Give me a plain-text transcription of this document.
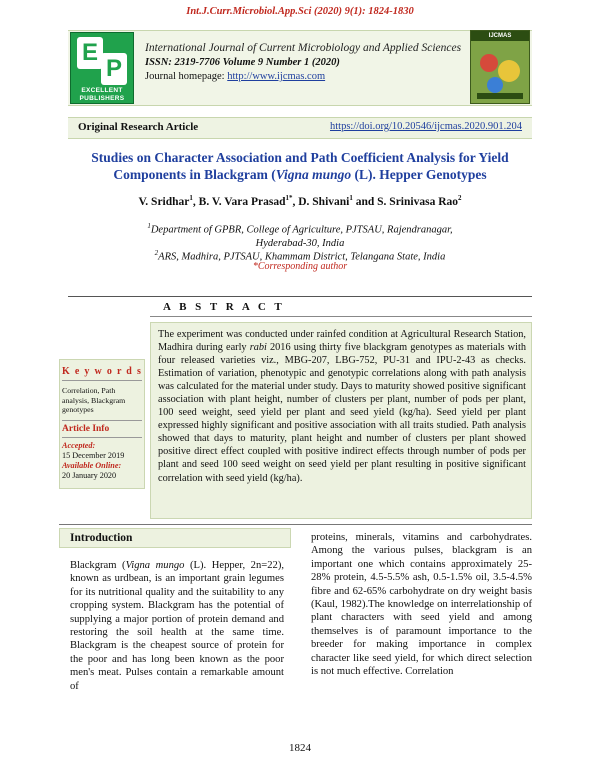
Int.J.Curr.Microbiol.App.Sci (2020) 9(1): 1824-1830
E
P
EXCELLENT
PUBLISHERS
International Journal of Current Microbiology and Applied Sciences
ISSN: 2319-7706 Volume 9 Number 1 (2020)
Journal homepage: http://www.ijcmas.com
IJCMAS
Original Research Article	https://doi.org/10.20546/ijcmas.2020.901.204
Studies on Character Association and Path Coefficient Analysis for Yield
Components in Blackgram (Vigna mungo (L). Hepper Genotypes
V. Sridhar$^1$, B. V. Vara Prasad$^{1*}$, D. Shivani$^1$ and S. Srinivasa Rao$^2$
$^1$Department of GPBR, College of Agriculture, PJTSAU, Rajendranagar,
Hyderabad-30, India
$^2$ARS, Madhira, PJTSAU, Khammam District, Telangana State, India
*Corresponding author
A B S T R A C T
The experiment was conducted under rainfed condition at Agricultural Research Station, Madhira during early rabi 2016 using thirty five blackgram genotypes as materials with four released varieties viz., MBG-207, LBG-752, PU-31 and IPU-2-43 as checks. Estimation of variation, phenotypic and genotypic correlations along with path analysis was calculated for the material under study. Days to maturity showed positive significant association with plant height, number of clusters per plant, number of pods per plant, 100 seed weight, seed yield per plant and seed yield (kg/ha). Seed yield per plant expressed highly significant and positive association with all traits studied. Path analysis showed that days to maturity, plant height and number of clusters per plant showed positive direct effect coupled with positive indirect effects through number of pods per plant and seed 100 seed weight on seed yield per plant resulting in positive significant correlation with seed yield (kg/ha).
K e y w o r d s
Correlation, Path analysis, Blackgram genotypes
Article Info
Accepted:
15 December 2019
Available Online:
20 January 2020
Introduction
Blackgram (Vigna mungo (L). Hepper, 2n=22), known as urdbean, is an important grain legumes for its nutritional quality and the suitability to any cropping system. Blackgram has the potential of supplying a major portion of protein demand and restoring the soil health at the same time. Blackgram is the cheapest source of protein for the poor and has long been known as the poor men's meat. Pulses contain a remarkable amount of
proteins, minerals, vitamins and carbohydrates. Among the various pulses, blackgram is an important one which contains approximately 25-28% protein, 4.5-5.5% ash, 0.5-1.5% oil, 3.5-4.5% fibre and 62-65% carbohydrate on dry weight basis (Kaul, 1982).The knowledge on interrelationship of plant characters with seed yield and among themselves is of paramount importance to the breeder for making importance in complex character like seed yield, for which direct selection is not much effective. Correlation
1824
